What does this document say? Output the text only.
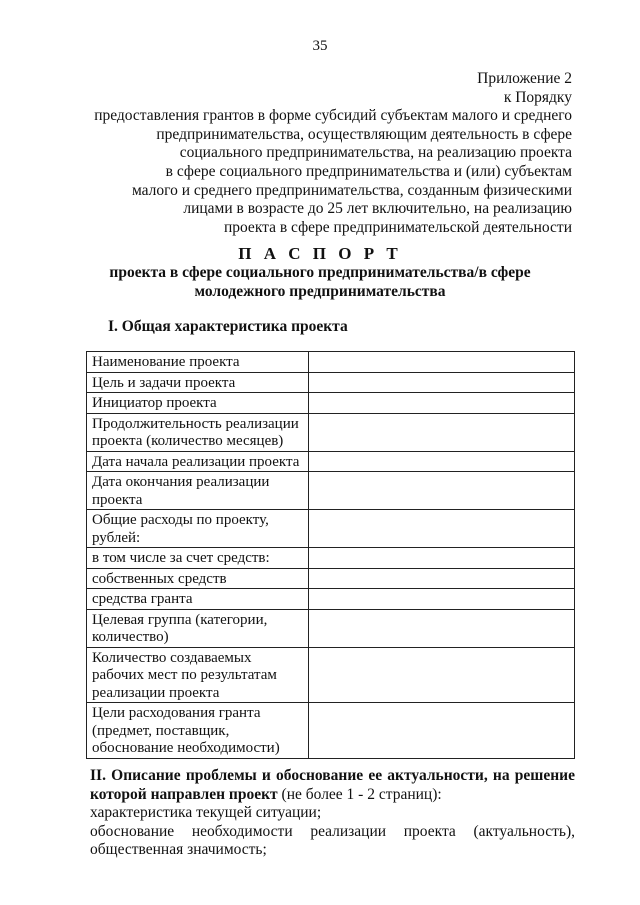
35
Приложение 2
к Порядку
предоставления грантов в форме субсидий субъектам малого и среднего
предпринимательства, осуществляющим деятельность в сфере
социального предпринимательства, на реализацию проекта
в сфере социального предпринимательства и (или) субъектам
малого и среднего предпринимательства, созданным физическими
лицами в возрасте до 25 лет включительно, на реализацию
проекта в сфере предпринимательской деятельности
П А С П О Р Т
проекта в сфере социального предпринимательства/в сфере
молодежного предпринимательства
I. Общая характеристика проекта
Наименование проекта	
Цель и задачи проекта	
Инициатор проекта	
Продолжительность реализации проекта (количество месяцев)	
Дата начала реализации проекта	
Дата окончания реализации проекта	
Общие расходы по проекту, рублей:	
в том числе за счет средств:	
собственных средств	
средства гранта	
Целевая группа (категории, количество)	
Количество создаваемых рабочих мест по результатам реализации проекта	
Цели расходования гранта (предмет, поставщик, обоснование необходимости)	
II. Описание проблемы и обоснование ее актуальности, на решение
которой направлен проект (не более 1 - 2 страниц):
характеристика текущей ситуации;
обоснование необходимости реализации проекта (актуальность),
общественная значимость;
